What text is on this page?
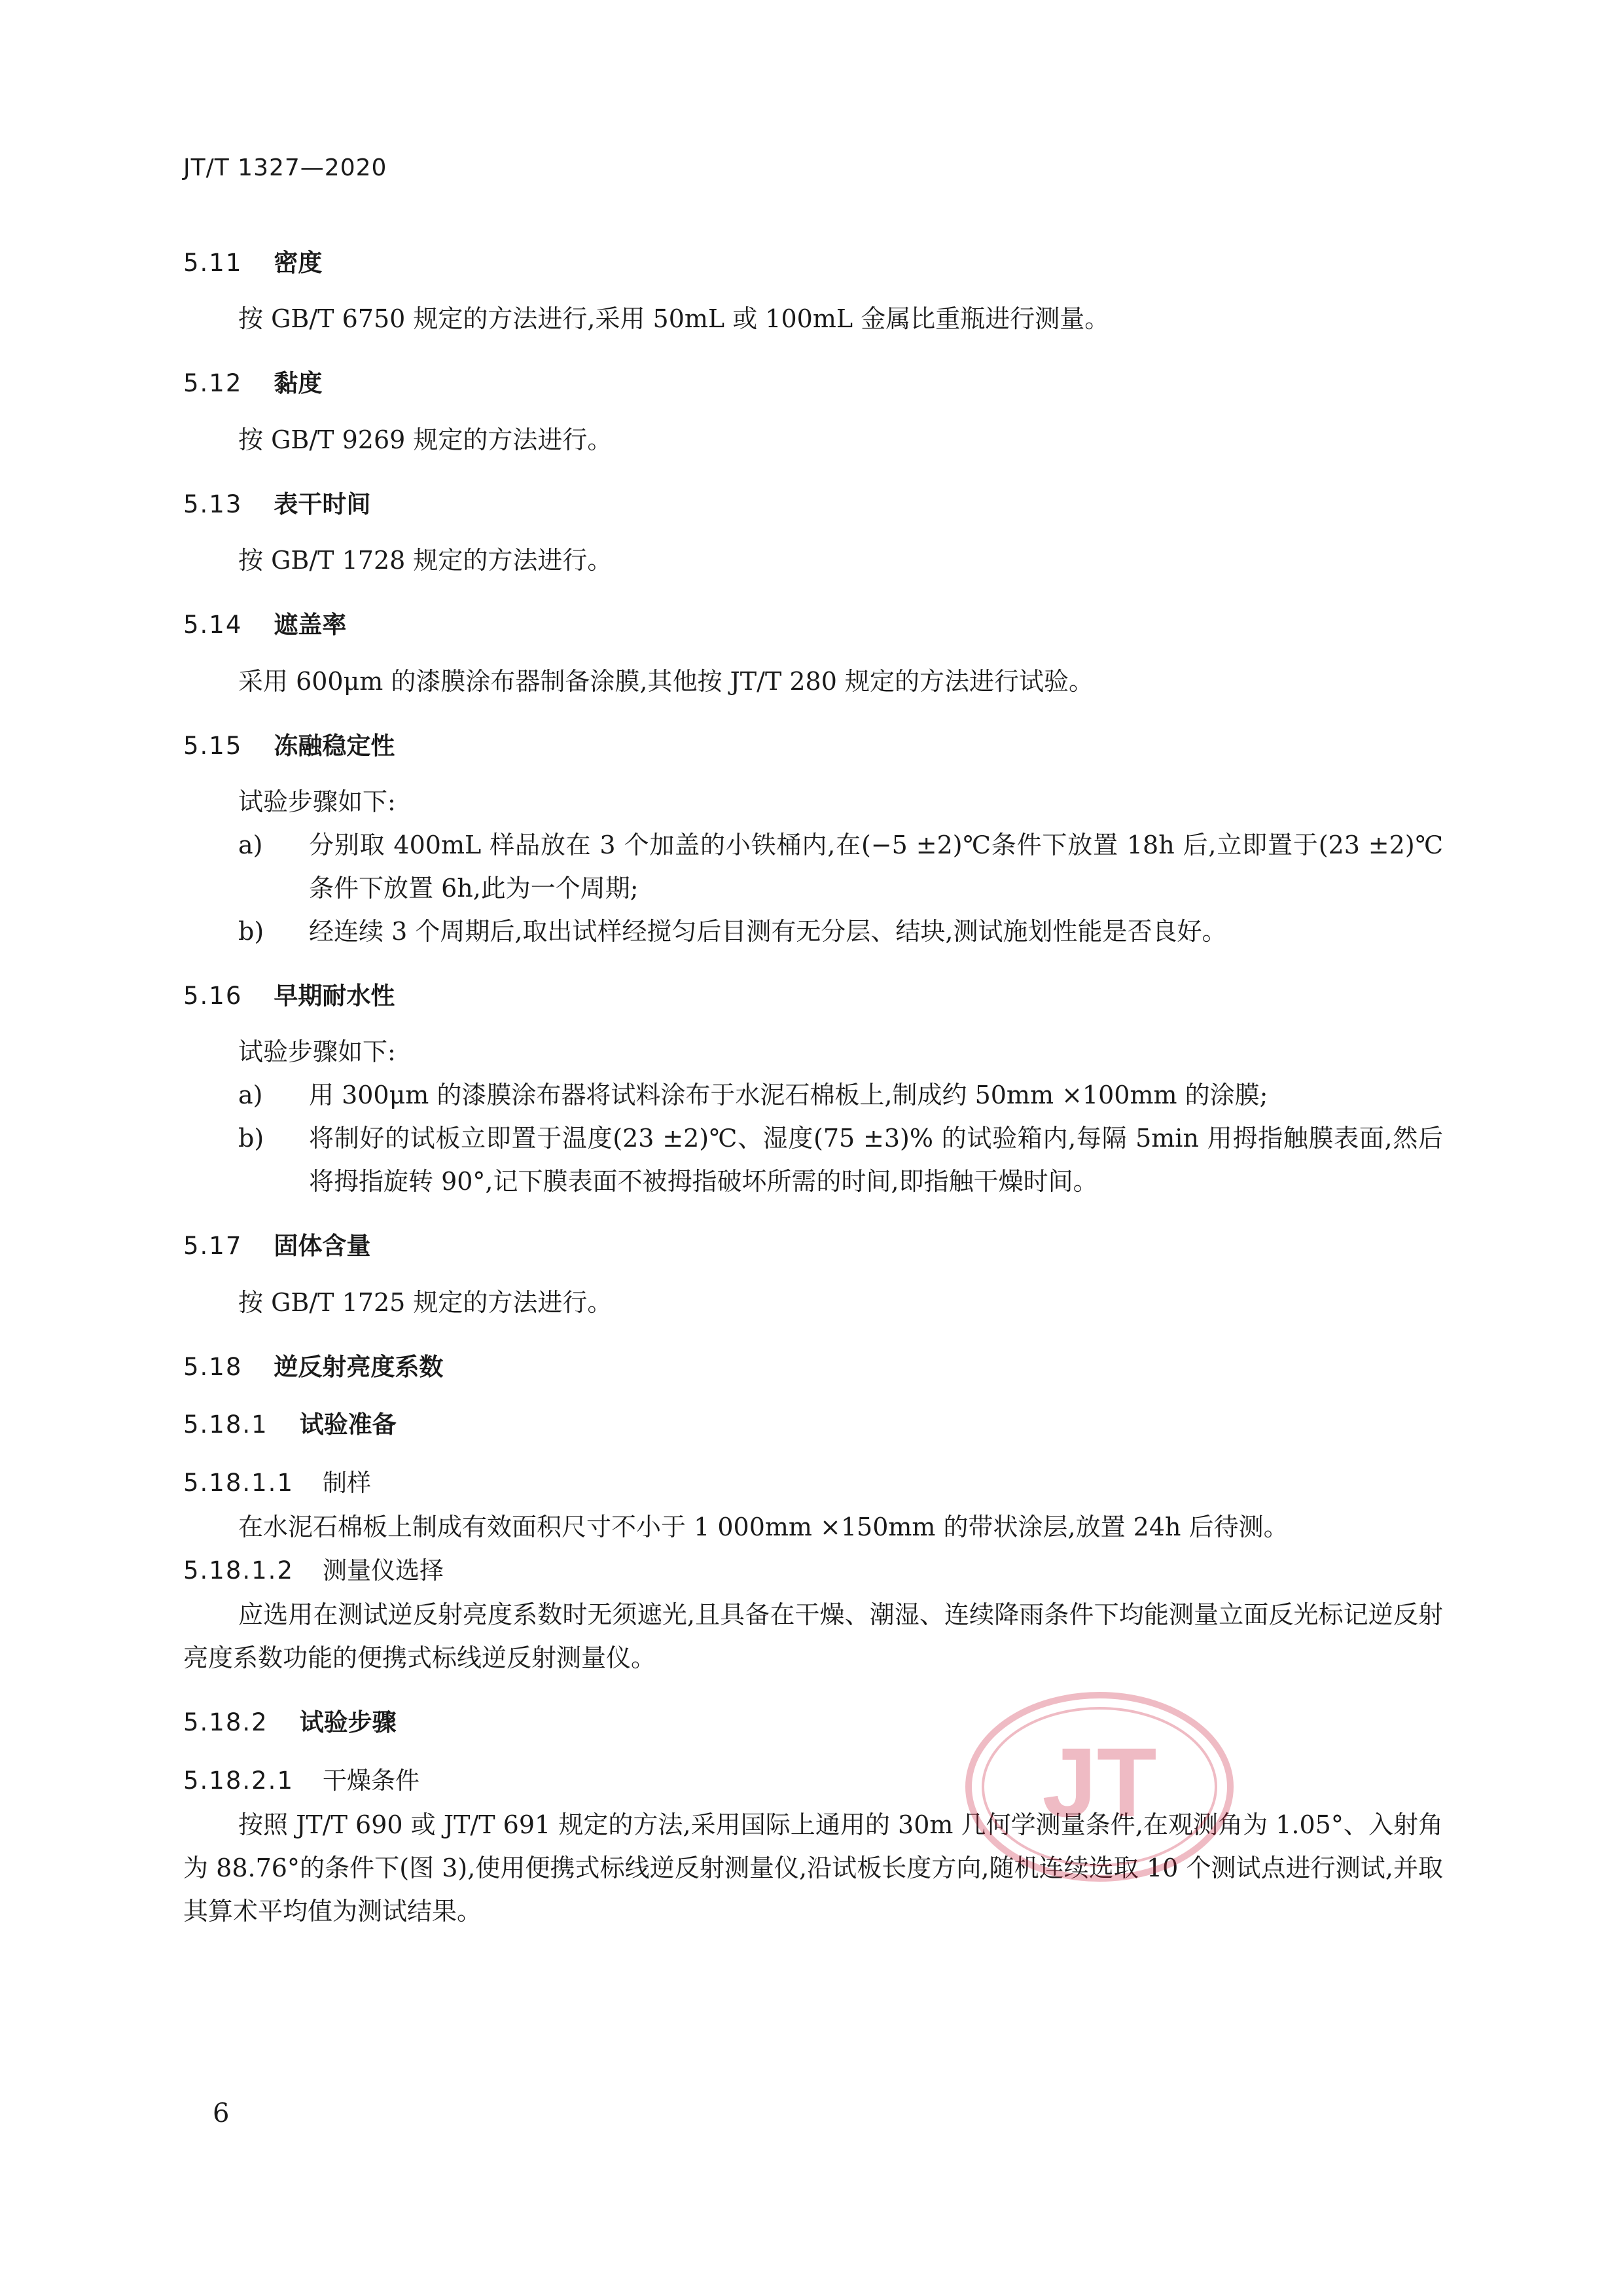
JT/T 1327—2020
5.11 密度
按 GB/T 6750 规定的方法进行,采用 50mL 或 100mL 金属比重瓶进行测量。
5.12 黏度
按 GB/T 9269 规定的方法进行。
5.13 表干时间
按 GB/T 1728 规定的方法进行。
5.14 遮盖率
采用 600μm 的漆膜涂布器制备涂膜,其他按 JT/T 280 规定的方法进行试验。
5.15 冻融稳定性
试验步骤如下:
a)	分别取 400mL 样品放在 3 个加盖的小铁桶内,在(−5 ±2)℃条件下放置 18h 后,立即置于(23 ±2)℃条件下放置 6h,此为一个周期;
b)	经连续 3 个周期后,取出试样经搅匀后目测有无分层、结块,测试施划性能是否良好。
5.16 早期耐水性
试验步骤如下:
a)	用 300μm 的漆膜涂布器将试料涂布于水泥石棉板上,制成约 50mm ×100mm 的涂膜;
b)	将制好的试板立即置于温度(23 ±2)℃、湿度(75 ±3)% 的试验箱内,每隔 5min 用拇指触膜表面,然后将拇指旋转 90°,记下膜表面不被拇指破坏所需的时间,即指触干燥时间。
5.17 固体含量
按 GB/T 1725 规定的方法进行。
5.18 逆反射亮度系数
5.18.1 试验准备
5.18.1.1 制样
在水泥石棉板上制成有效面积尺寸不小于 1 000mm ×150mm 的带状涂层,放置 24h 后待测。
5.18.1.2 测量仪选择
应选用在测试逆反射亮度系数时无须遮光,且具备在干燥、潮湿、连续降雨条件下均能测量立面反光标记逆反射亮度系数功能的便携式标线逆反射测量仪。
5.18.2 试验步骤
5.18.2.1 干燥条件
按照 JT/T 690 或 JT/T 691 规定的方法,采用国际上通用的 30m 几何学测量条件,在观测角为 1.05°、入射角为 88.76°的条件下(图 3),使用便携式标线逆反射测量仪,沿试板长度方向,随机连续选取 10 个测试点进行测试,并取其算术平均值为测试结果。
JT
6
